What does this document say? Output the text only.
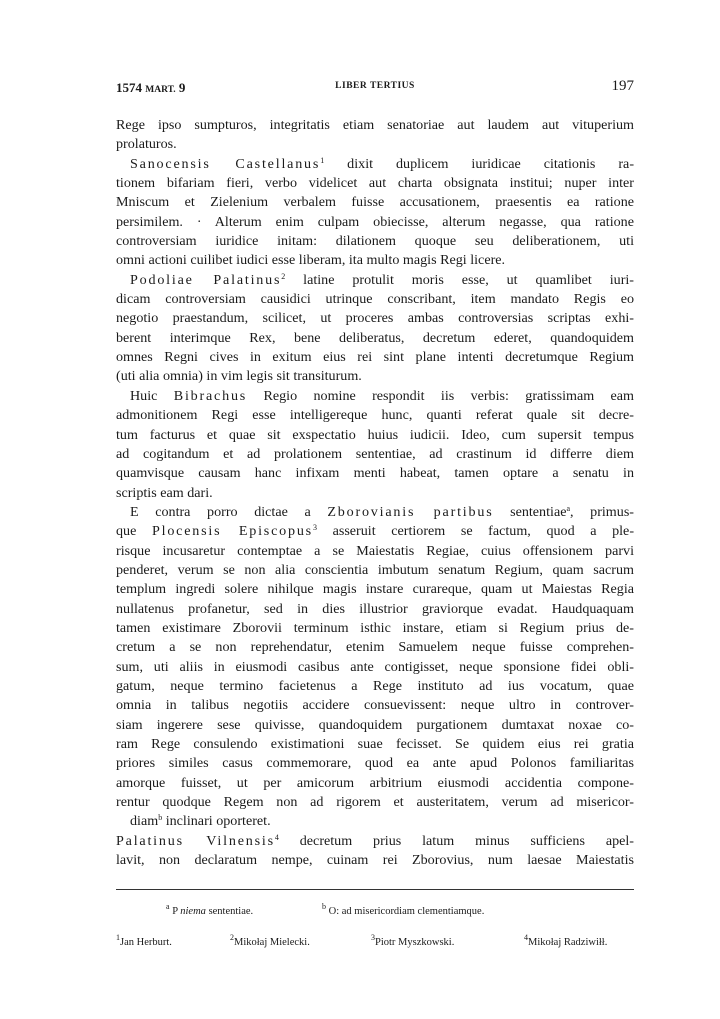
1574 MART. 9	LIBER TERTIUS	197
Rege ipso sumpturos, integritatis etiam senatoriae aut laudem aut vituperium
prolaturos.
Sanocensis Castellanus$^1$ dixit duplicem iuridicae citationis ra-
tionem bifariam fieri, verbo videlicet aut charta obsignata institui; nuper inter
Mniscum et Zielenium verbalem fuisse accusationem, praesentis ea ratione
persimilem. · Alterum enim culpam obiecisse, alterum negasse, qua ratione
controversiam iuridice initam: dilationem quoque seu deliberationem, uti
omni actioni cuilibet iudici esse liberam, ita multo magis Regi licere.
Podoliae Palatinus$^2$ latine protulit moris esse, ut quamlibet iuri-
dicam controversiam causidici utrinque conscribant, item mandato Regis eo
negotio praestandum, scilicet, ut proceres ambas controversias scriptas exhi-
berent interimque Rex, bene deliberatus, decretum ederet, quandoquidem
omnes Regni cives in exitum eius rei sint plane intenti decretumque Regium
(uti alia omnia) in vim legis sit transiturum.
Huic Bibrachus Regio nomine respondit iis verbis: gratissimam eam
admonitionem Regi esse intelligereque hunc, quanti referat quale sit decre-
tum facturus et quae sit exspectatio huius iudicii. Ideo, cum supersit tempus
ad cogitandum et ad prolationem sententiae, ad crastinum id differre diem
quamvisque causam hanc infixam menti habeat, tamen optare a senatu in
scriptis eam dari.
E contra porro dictae a Zborovianis partibus sententiae$^a$, primus-
que Plocensis Episcopus$^3$ asseruit certiorem se factum, quod a ple-
risque incusaretur contemptae a se Maiestatis Regiae, cuius offensionem parvi
penderet, verum se non alia conscientia imbutum senatum Regium, quam sacrum
templum ingredi solere nihilque magis instare curareque, quam ut Maiestas Regia
nullatenus profanetur, sed in dies illustrior graviorque evadat. Haudquaquam
tamen existimare Zborovii terminum isthic instare, etiam si Regium prius de-
cretum a se non reprehendatur, etenim Samuelem neque fuisse comprehen-
sum, uti aliis in eiusmodi casibus ante contigisset, neque sponsione fidei obli-
gatum, neque termino facietenus a Rege instituto ad ius vocatum, quae
omnia in talibus negotiis accidere consuevissent: neque ultro in controver-
siam ingerere sese quivisse, quandoquidem purgationem dumtaxat noxae co-
ram Rege consulendo existimationi suae fecisset. Se quidem eius rei gratia
priores similes casus commemorare, quod ea ante apud Polonos familiaritas
amorque fuisset, ut per amicorum arbitrium eiusmodi accidentia compone-
rentur quodque Regem non ad rigorem et austeritatem, verum ad misericor-
diam$^b$ inclinari oporteret.
Palatinus Vilnensis$^4$ decretum prius latum minus sufficiens apel-
lavit, non declaratum nempe, cuinam rei Zborovius, num laesae Maiestatis
$^a$ P niema sententiae.	$^b$ O: ad misericordiam clementiamque.
$^1$ Jan Herburt.	$^2$ Mikołaj Mielecki.	$^3$ Piotr Myszkowski.	$^4$ Mikołaj Radziwiłł.
